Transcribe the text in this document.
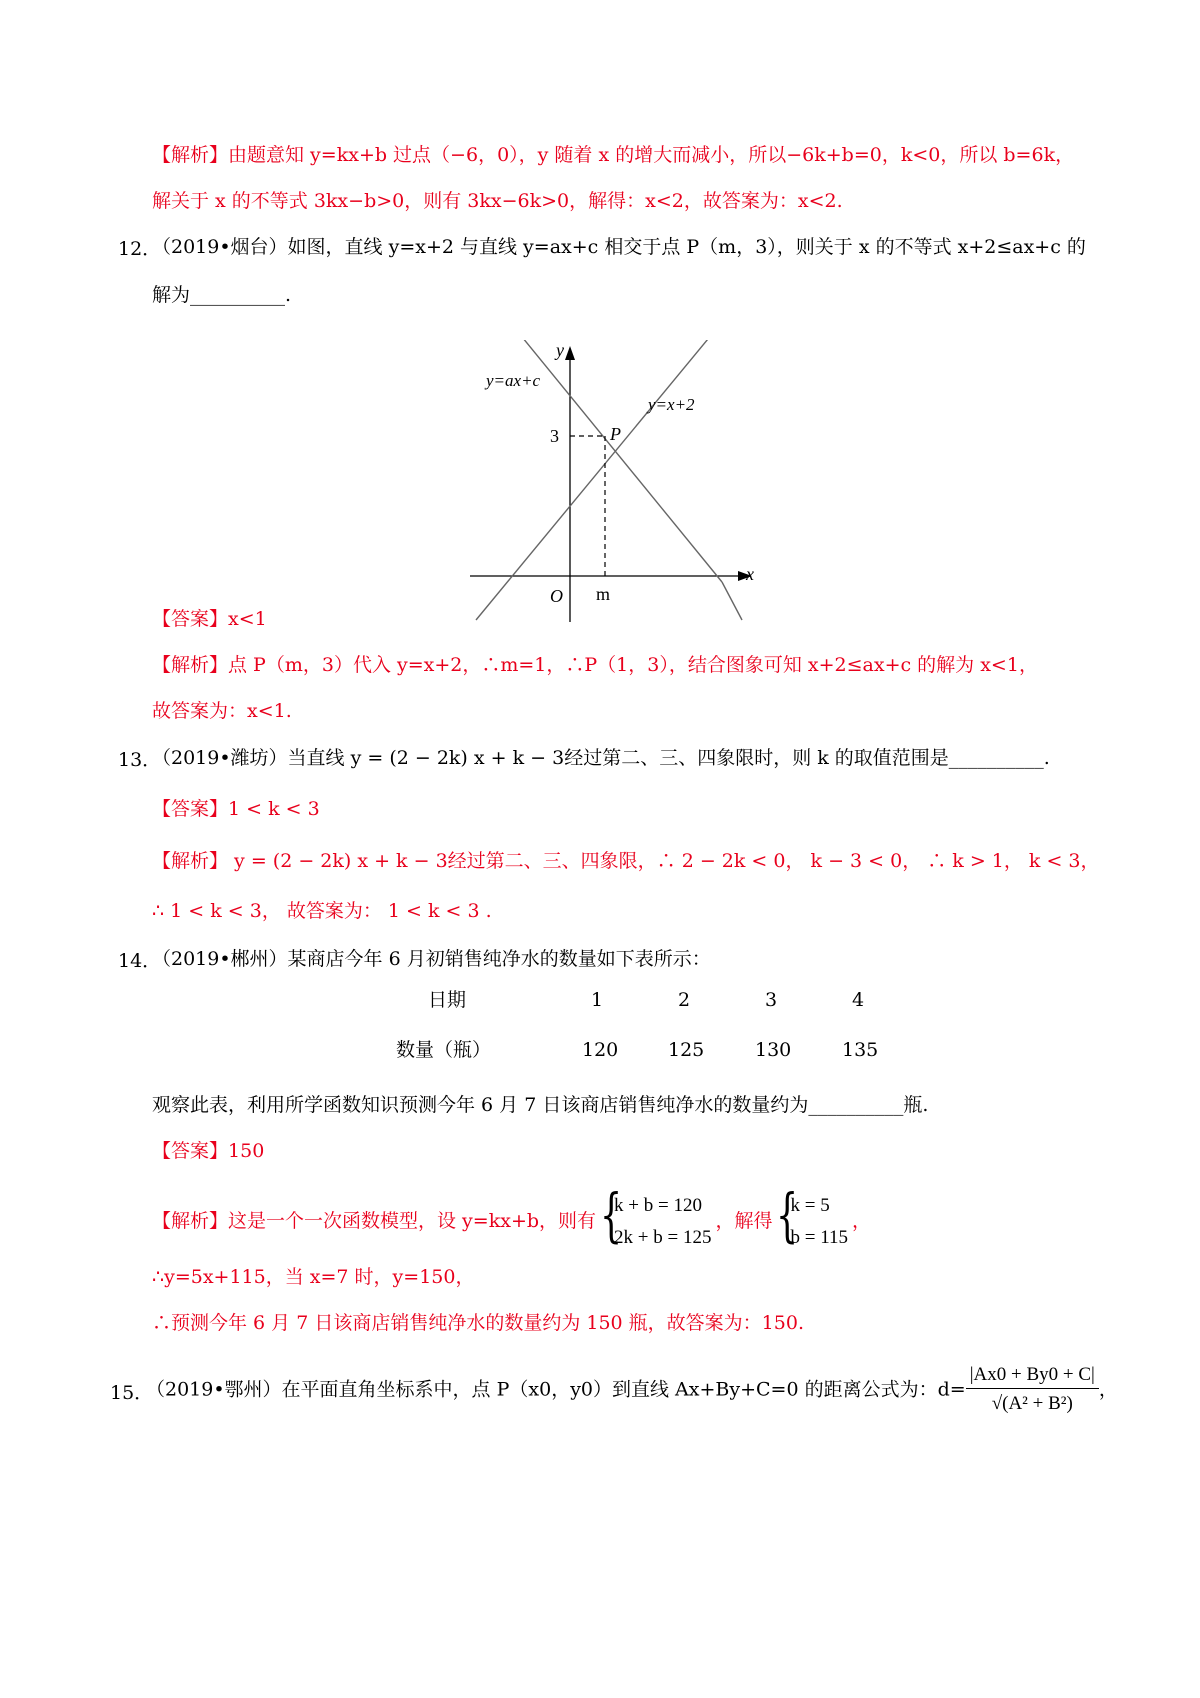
【解析】由题意知 y=kx+b 过点（−6，0），y 随着 x 的增大而减小，所以−6k+b=0，k<0，所以 b=6k，
解关于 x 的不等式 3kx−b>0，则有 3kx−6k>0，解得：x<2，故答案为：x<2.
12．
（2019•烟台）如图，直线 y=x+2 与直线 y=ax+c 相交于点 P（m，3），则关于 x 的不等式 x+2≤ax+c 的
解为__________.
y
x
O
y=ax+c
y=x+2
P
3
m
【答案】x<1
【解析】点 P（m，3）代入 y=x+2，∴m=1，∴P（1，3），结合图象可知 x+2≤ax+c 的解为 x<1，
故答案为：x<1.
13．
（2019•潍坊）当直线 y = (2 − 2k) x + k − 3经过第二、三、四象限时，则 k 的取值范围是__________.
【答案】1 < k < 3
【解析】 y = (2 − 2k) x + k − 3经过第二、三、四象限，∴ 2 − 2k < 0， k − 3 < 0， ∴ k > 1， k < 3，
∴ 1 < k < 3， 故答案为： 1 < k < 3 .
14．
（2019•郴州）某商店今年 6 月初销售纯净水的数量如下表所示：
日期	1	2	3	4
数量（瓶）	120	125	130	135
观察此表，利用所学函数知识预测今年 6 月 7 日该商店销售纯净水的数量约为__________瓶.
【答案】150
【解析】这是一个一次函数模型，设 y=kx+b，则有 {
k + b = 120
2k + b = 125
，解得 {
k = 5
b = 115
，
∴y=5x+115，当 x=7 时，y=150，
∴预测今年 6 月 7 日该商店销售纯净水的数量约为 150 瓶，故答案为：150.
15．
（2019•鄂州）在平面直角坐标系中，点 P（x0，y0）到直线 Ax+By+C=0 的距离公式为：$d= \frac{|Ax0 + By0 + C|}{\text{√(A² + B²)}}$ ，
